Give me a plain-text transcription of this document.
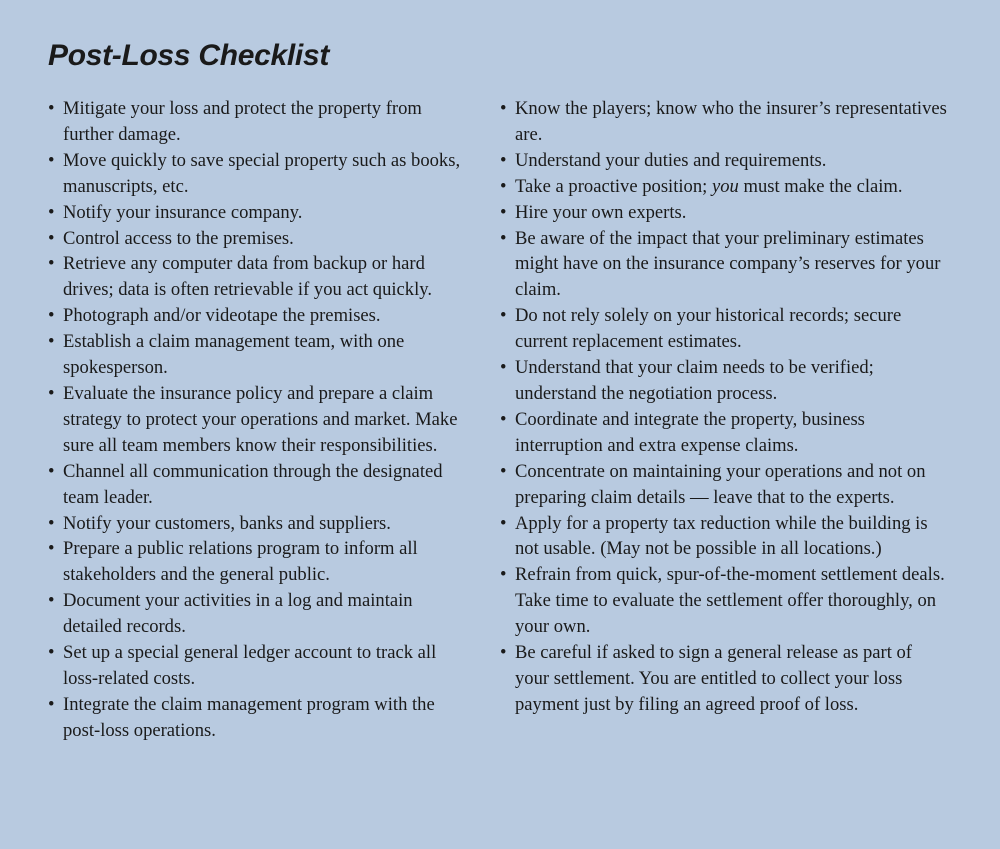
Post-Loss Checklist
• Mitigate your loss and protect the property from further damage.
• Move quickly to save special property such as books, manuscripts, etc.
• Notify your insurance company.
• Control access to the premises.
• Retrieve any computer data from backup or hard drives; data is often retrievable if you act quickly.
• Photograph and/or videotape the premises.
• Establish a claim management team, with one spokesperson.
• Evaluate the insurance policy and prepare a claim strategy to protect your operations and market. Make sure all team members know their responsibilities.
• Channel all communication through the designated team leader.
• Notify your customers, banks and suppliers.
• Prepare a public relations program to inform all stakeholders and the general public.
• Document your activities in a log and maintain detailed records.
• Set up a special general ledger account to track all loss-related costs.
• Integrate the claim management program with the post-loss operations.
• Know the players; know who the insurer’s representatives are.
• Understand your duties and requirements.
• Take a proactive position; you must make the claim.
• Hire your own experts.
• Be aware of the impact that your preliminary estimates might have on the insurance company’s reserves for your claim.
• Do not rely solely on your historical records; secure current replacement estimates.
• Understand that your claim needs to be verified; understand the negotiation process.
• Coordinate and integrate the property, business interruption and extra expense claims.
• Concentrate on maintaining your operations and not on preparing claim details — leave that to the experts.
• Apply for a property tax reduction while the building is not usable. (May not be possible in all locations.)
• Refrain from quick, spur-of-the-moment settlement deals. Take time to evaluate the settlement offer thoroughly, on your own.
• Be careful if asked to sign a general release as part of your settlement. You are entitled to collect your loss payment just by filing an agreed proof of loss.
